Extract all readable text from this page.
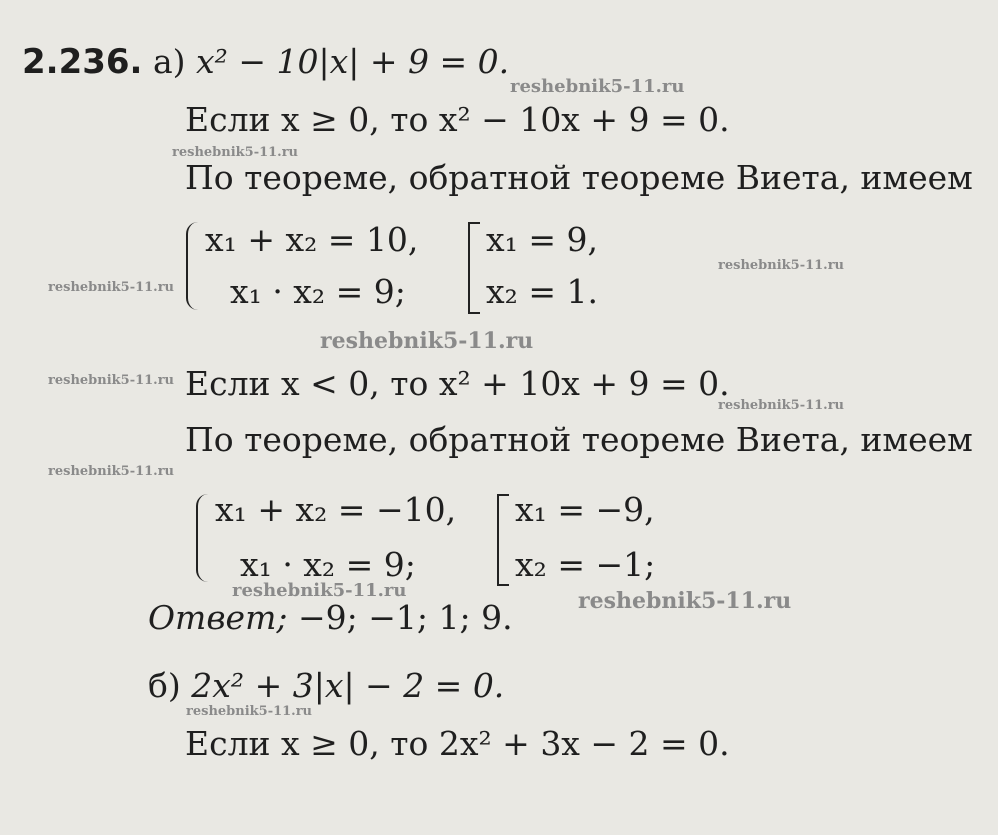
2.236. а) x² − 10|x| + 9 = 0.
Если x ≥ 0, то x² − 10x + 9 = 0.
По теореме, обратной теореме Виета, имеем
x₁ + x₂ = 10,
x₁ · x₂ = 9;
x₁ = 9,
x₂ = 1.
Если x < 0, то x² + 10x + 9 = 0.
По теореме, обратной теореме Виета, имеем
x₁ + x₂ = −10,
x₁ · x₂ = 9;
x₁ = −9,
x₂ = −1;
Ответ; −9; −1; 1; 9.
б) 2x² + 3|x| − 2 = 0.
Если x ≥ 0, то 2x² + 3x − 2 = 0.
reshebnik5-11.ru
reshebnik5-11.ru
reshebnik5-11.ru
reshebnik5-11.ru
reshebnik5-11.ru
reshebnik5-11.ru
reshebnik5-11.ru
reshebnik5-11.ru
reshebnik5-11.ru	reshebnik5-11.ru
reshebnik5-11.ru
